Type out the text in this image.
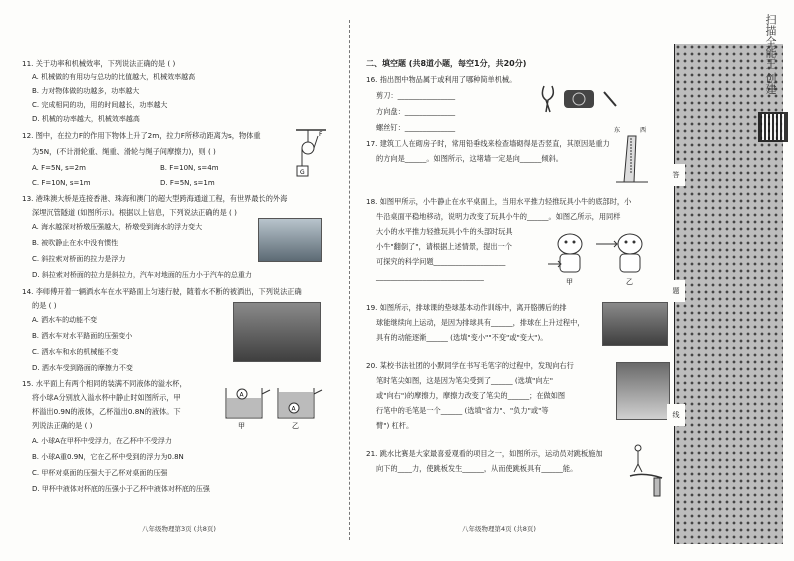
11. 关于功率和机械效率，下列说法正确的是 ( )
A. 机械做的有用功与总功的比值越大，机械效率越高
B. 力对物体做的功越多，功率越大
C. 完成相同的功，用的时间越长，功率越大
D. 机械的功率越大，机械效率越高
12. 图中，在拉力F的作用下物体上升了2m，拉力F所移动距离为s，物体重
为5N，(不计滑轮重、绳重、滑轮与绳子间摩擦力)，则 ( )
A. F=5N, s=2m	B. F=10N, s=4m
C. F=10N, s=1m	D. F=5N, s=1m
G
F
13. 港珠澳大桥是连接香港、珠海和澳门的超大型跨海通道工程，有世界最长的外海
深埋沉管隧道 (如图所示)。根据以上信息，下列说法正确的是 ( )
A. 海水越深对桥墩压强越大，桥墩受到海水的浮力变大
B. 被吹静止在水中没有惯性
C. 斜拉索对桥面的拉力是浮力
D. 斜拉索对桥面的拉力是斜拉力，汽车对地面的压力小于汽车的总重力
14. 李师傅开着一辆洒水车在水平路面上匀速行驶，随着水不断的被洒出，下列说法正确
的是 ( )
A. 洒水车的动能不变
B. 洒水车对水平路面的压强变小
C. 洒水车和水的机械能不变
D. 洒水车受到路面的摩擦力不变
15. 水平面上有两个相同的装满不同液体的溢水杯，
将小球A分别放入溢水杯中静止时如图所示，甲
杯溢出0.9N的液体，乙杯溢出0.8N的液体。下
列说法正确的是 ( )
A. 小球A在甲杯中受浮力，在乙杯中不受浮力
B. 小球A重0.9N，它在乙杯中受到的浮力为0.8N
C. 甲杯对桌面的压强大于乙杯对桌面的压强
D. 甲杯中液体对杯底的压强小于乙杯中液体对杯底的压强
A
A
甲	乙
八年级物理第3页 (共8页)
二、填空题 (共8道小题，每空1分，共20分)
16. 指出图中物品属于或利用了哪种简单机械。
剪刀：________________
方向盘：______________
螺丝钉：______________
17. 建筑工人在砌房子时，常用铅垂线来检查墙砌得是否竖直，其原因是重力
的方向是______。如图所示，这堵墙一定是向______倾斜。
东	西
18. 如图甲所示，小牛静止在水平桌面上，当用水平推力轻推玩具小牛的底部时，小
牛沿桌面平稳地移动，说明力改变了玩具小牛的______。如图乙所示，用同样
大小的水平推力轻推玩具小牛的头部时玩具
小牛"翻倒了"，请根据上述情景，提出一个
可探究的科学问题____________________
______________________________
甲	乙
19. 如图所示，排球课的垫球基本动作训练中，离开胳膊后的排
球能继续向上运动，是因为排球具有______，排球在上升过程中，
具有的动能逐渐______ (选填"变小""不变"或"变大")。
20. 某校书法社团的小默同学在书写毛笔字的过程中，发现向右行
笔时笔尖如图，这是因为笔尖受到了______ (选填"向左"
或"向右")的摩擦力，摩擦力改变了笔尖的______；在做如图
行笔中的毛笔是一个______ (选填"省力"、"负力"或"等
臂") 杠杆。
21. 跳水比赛是大家最喜爱观看的项目之一，如图所示，运动员对跳板施加
向下的____力，使跳板发生______，从而使跳板具有______能。
八年级物理第4页 (共8页)
答
题
线
扫描全能王 创建
